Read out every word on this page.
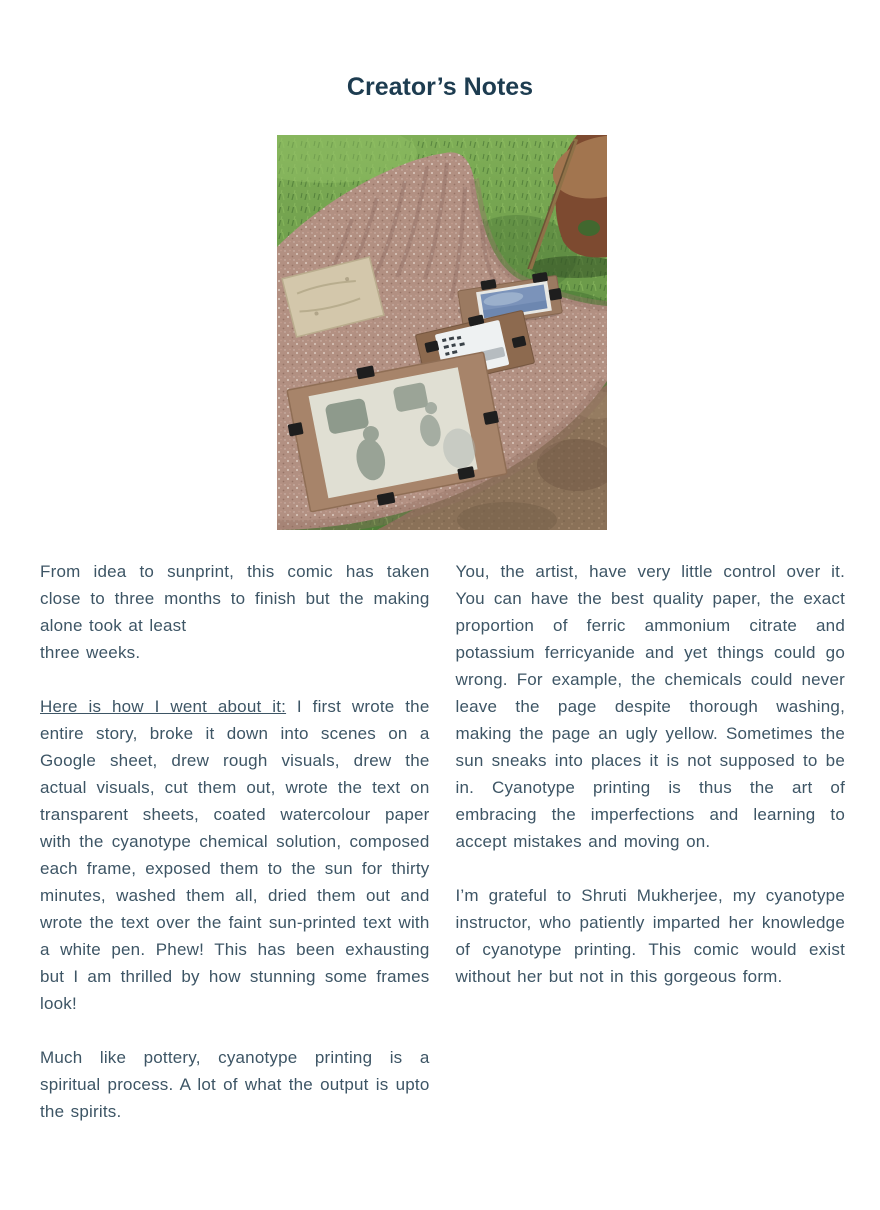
Creator’s Notes

From idea to sunprint, this comic has taken close to three months to finish but the making alone took at least
three weeks.

Here is how I went about it: I first wrote the entire story, broke it down into scenes on a Google sheet, drew rough visuals, drew the actual visuals, cut them out, wrote the text on transparent sheets, coated watercolour paper with the cyanotype chemical solution, composed each frame, exposed them to the sun for thirty minutes, washed them all, dried them out and wrote the text over the faint sun-printed text with a white pen. Phew! This has been exhausting but I am thrilled by how stunning some frames look!

Much like pottery, cyanotype printing is a spiritual process. A lot of what the output is upto the spirits.

You, the artist, have very little control over it. You can have the best quality paper, the exact proportion of ferric ammonium citrate and potassium ferricyanide and yet things could go wrong. For example, the chemicals could never leave the page despite thorough washing, making the page an ugly yellow. Sometimes the sun sneaks into places it is not supposed to be in. Cyanotype printing is thus the art of embracing the imperfections and learning to accept mistakes and moving on.

I’m grateful to Shruti Mukherjee, my cyanotype instructor, who patiently imparted her knowledge of cyanotype printing. This comic would exist without her but not in this gorgeous form.
